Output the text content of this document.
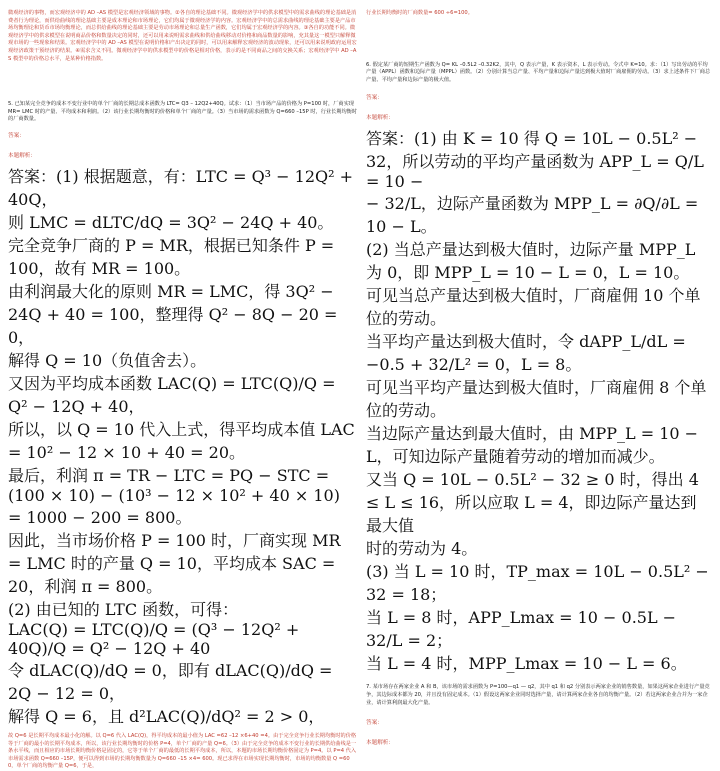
微观经济的事物，而宏观经济中的 AD –AS 模型是宏观经济领域的事物。②各自的理论基础不同。微观经济学中的供求模型中的需求曲线的理论基础是消费者行为理论，而供给曲线的理论基础主要是成本理论和市场理论，它们均属于微观经济学的内容。宏观经济学中的总需求曲线的理论基础主要是产品市场均衡理论和货币市场均衡理论，而总供给曲线的理论基础主要是劳动市场理论和总量生产函数，它们均属于宏观经济学的内容。③各自的功能不同。微观经济学中的供求模型在说明商品价格和数量决定的同时，还可以用来说明需求曲线和供给曲线移动对价格和商品数量的影响，充其量这一模型只解释微观市场的一些现象和结果。宏观经济学中的 AD –AS 模型在说明价格和产出决定的同时，可以用来解释宏观经济的波动现象，还可以用来说明政府运用宏观经济政策干预经济的结果。④需求含义不同。微观经济学中的供求模型中的价格是相对价格，表示的是不同商品之间的交换关系；宏观经济学中 AD –AS 模型中的价格总水平，是某种价格指数。

5. 已知某完全竞争的成本不变行业中的单个厂商的长期总成本函数为 LTC= Q3 – 12Q2+40Q。试求：（1）当市场产品的价格为 P=100 时，厂商实现 MR= LMC 时的产量、平均成本和利润。（2）该行业长期均衡时的价格和单个厂商的产量。（3）当市场的需求函数为 Q=660 –15P 时，行业长期均衡时的厂商数量。

答案：

本题解析：

答案：(1) 根据题意，有：LTC = Q³ − 12Q² + 40Q，

则 LMC = dLTC/dQ = 3Q² − 24Q + 40。

完全竞争厂商的 P = MR，根据已知条件 P = 100，故有 MR = 100。

由利润最大化的原则 MR = LMC，得 3Q² − 24Q + 40 = 100，整理得 Q² − 8Q − 20 = 0，

解得 Q = 10（负值舍去）。

又因为平均成本函数 LAC(Q) = LTC(Q)/Q = Q² − 12Q + 40，

所以，以 Q = 10 代入上式，得平均成本值 LAC = 10² − 12 × 10 + 40 = 20。

最后，利润 π = TR − LTC = PQ − STC = (100 × 10) − (10³ − 12 × 10² + 40 × 10)

= 1000 − 200 = 800。

因此，当市场价格 P = 100 时，厂商实现 MR = LMC 时的产量 Q = 10，平均成本 SAC = 20，利润 π = 800。

(2) 由已知的 LTC 函数，可得：

LAC(Q) = LTC(Q)/Q = (Q³ − 12Q² + 40Q)/Q = Q² − 12Q + 40

令 dLAC(Q)/dQ = 0，即有 dLAC(Q)/dQ = 2Q − 12 = 0，

解得 Q = 6，且 d²LAC(Q)/dQ² = 2 > 0，

故 Q=6 是长期平均成本最小化的解。以 Q=6 代入 LAC(Q)，得平均成本的最小值为 LAC =62 –12 ×6+40 =4。由于完全竞争行业长期均衡时的价格等于厂商的最小的长期平均成本，所以，该行业长期均衡时的价格 P=4，单个厂商的产量 Q=6。（3）由于完全竞争的成本不变行业的长期供给曲线是一条水平线，而且相应的市场长期均衡价格是固定的，它等于单个厂商的最低的长期平均成本，所以，本题的市场长期均衡价格固定为 P=4。以 P=4 代入市场需求函数 Q=660 –15P，便可以得到市场的长期均衡数量为 Q=660 –15 ×4= 600。现已求得在市场实现长期均衡时，市场的均衡数量 Q =600，单个厂商的均衡产量 Q=6，于是，

行业长期均衡时的厂商数量= 600 ÷6=100。

6. 假定某厂商的短期生产函数为 Q= KL –0.5L2 –0.32K2，其中，Q 表示产量，K 表示资本，L 表示劳动。令式中 K=10。求：（1）写出劳动的平均产量（APPL）函数和边际产量（MPPL）函数。（2）分别计算当总产量、平均产量和边际产量达到极大值时厂商雇佣的劳动。（3）求上述条件下厂商总产量、平均产量和边际产量的极大值。

答案：

本题解析：

答案：(1) 由 K = 10 得 Q = 10L − 0.5L² − 32，所以劳动的平均产量函数为 APP_L = Q/L = 10 −

− 32/L，边际产量函数为 MPP_L = ∂Q/∂L = 10 − L。

(2) 当总产量达到极大值时，边际产量 MPP_L 为 0，即 MPP_L = 10 − L = 0，L = 10。

可见当总产量达到极大值时，厂商雇佣 10 个单位的劳动。

当平均产量达到极大值时，令 dAPP_L/dL = −0.5 + 32/L² = 0，L = 8。

可见当平均产量达到极大值时，厂商雇佣 8 个单位的劳动。

当边际产量达到最大值时，由 MPP_L = 10 − L，可知边际产量随着劳动的增加而减少。

又当 Q = 10L − 0.5L² − 32 ≥ 0 时，得出 4 ≤ L ≤ 16，所以应取 L = 4，即边际产量达到最大值

时的劳动为 4。

(3) 当 L = 10 时，TP_max = 10L − 0.5L² − 32 = 18；

当 L = 8 时，APP_Lmax = 10 − 0.5L − 32/L = 2；

当 L = 4 时，MPP_Lmax = 10 − L = 6。

7. 某市场存在两家企业 A 和 B，该市场的需求函数为 P=100—q1 — q2，其中 q1 和 q2 分别表示两家企业的销售数量，如果这两家企业进行产量竞争，其边际成本都为 20，并且没有固定成本。（1）假设这两家企业同时选择产量，请计算两家企业各自的均衡产量。（2）若这两家企业合并为一家企业，请计算利润最大化产量。

答案：

本题解析：
